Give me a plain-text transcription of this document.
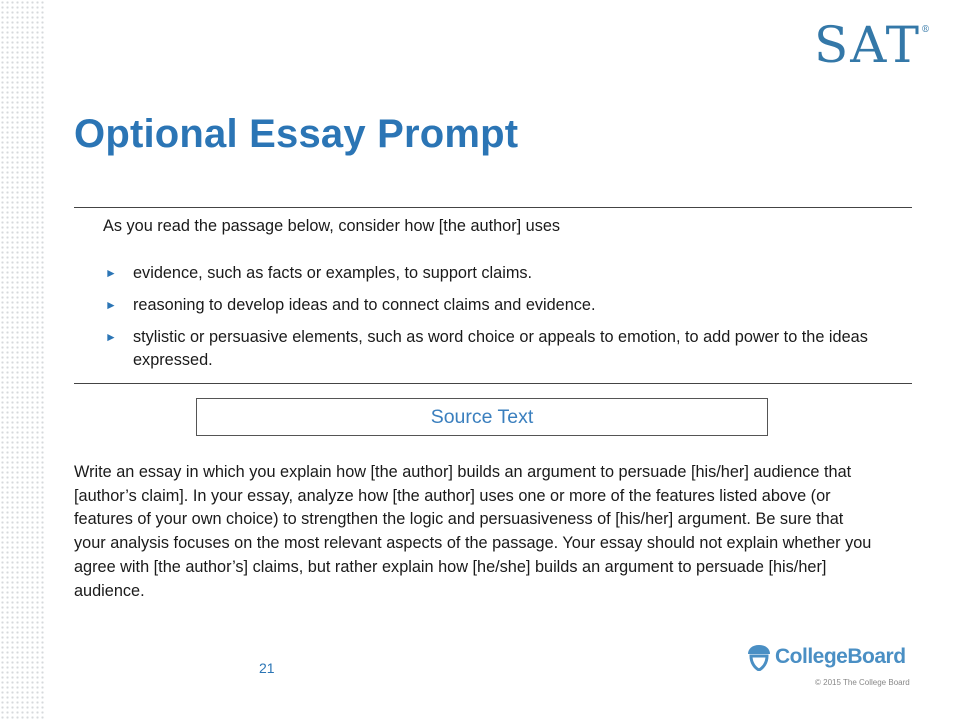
SAT®
Optional Essay Prompt

As you read the passage below, consider how [the author] uses

► evidence, such as facts or examples, to support claims.
► reasoning to develop ideas and to connect claims and evidence.
► stylistic or persuasive elements, such as word choice or appeals to emotion, to add power to the ideas expressed.
Source Text

Write an essay in which you explain how [the author] builds an argument to persuade [his/her] audience that [author’s claim]. In your essay, analyze how [the author] uses one or more of the features listed above (or features of your own choice) to strengthen the logic and persuasiveness of [his/her] argument. Be sure that your analysis focuses on the most relevant aspects of the passage. Your essay should not explain whether you agree with [the author’s] claims, but rather explain how [he/she] builds an argument to persuade [his/her] audience.

21	CollegeBoard
© 2015 The College Board
